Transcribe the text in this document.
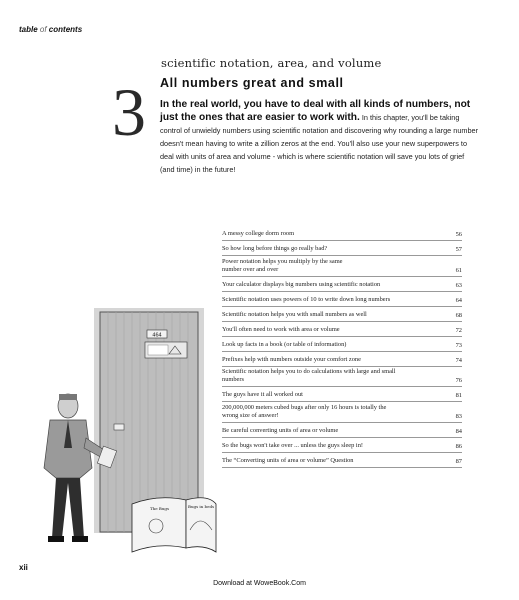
table of contents
3
scientific notation, area, and volume
All numbers great and small
In the real world, you have to deal with all kinds of numbers, not just the ones that are easier to work with. In this chapter, you'll be taking control of unwieldy numbers using scientific notation and discovering why rounding a large number doesn't mean having to write a zillion zeros at the end. You'll also use your new superpowers to deal with units of area and volume - which is where scientific notation will save you lots of grief (and time) in the future!
A messy college dorm room	56
So how long before things go really bad?	57
Power notation helps you multiply by the same number over and over	61
Your calculator displays big numbers using scientific notation	63
Scientific notation uses powers of 10 to write down long numbers	64
Scientific notation helps you with small numbers as well	68
You'll often need to work with area or volume	72
Look up facts in a book (or table of information)	73
Prefixes help with numbers outside your comfort zone	74
Scientific notation helps you to do calculations with large and small numbers	76
The guys have it all worked out	81
200,000,000 meters cubed bugs after only 16 hours is totally the wrong size of answer!	83
Be careful converting units of area or volume	84
So the bugs won't take over ... unless the guys sleep in!	86
The “Converting units of area or volume” Question	87
464
The Bugs	Bugs in beds
xii
Download at WoweBook.Com
